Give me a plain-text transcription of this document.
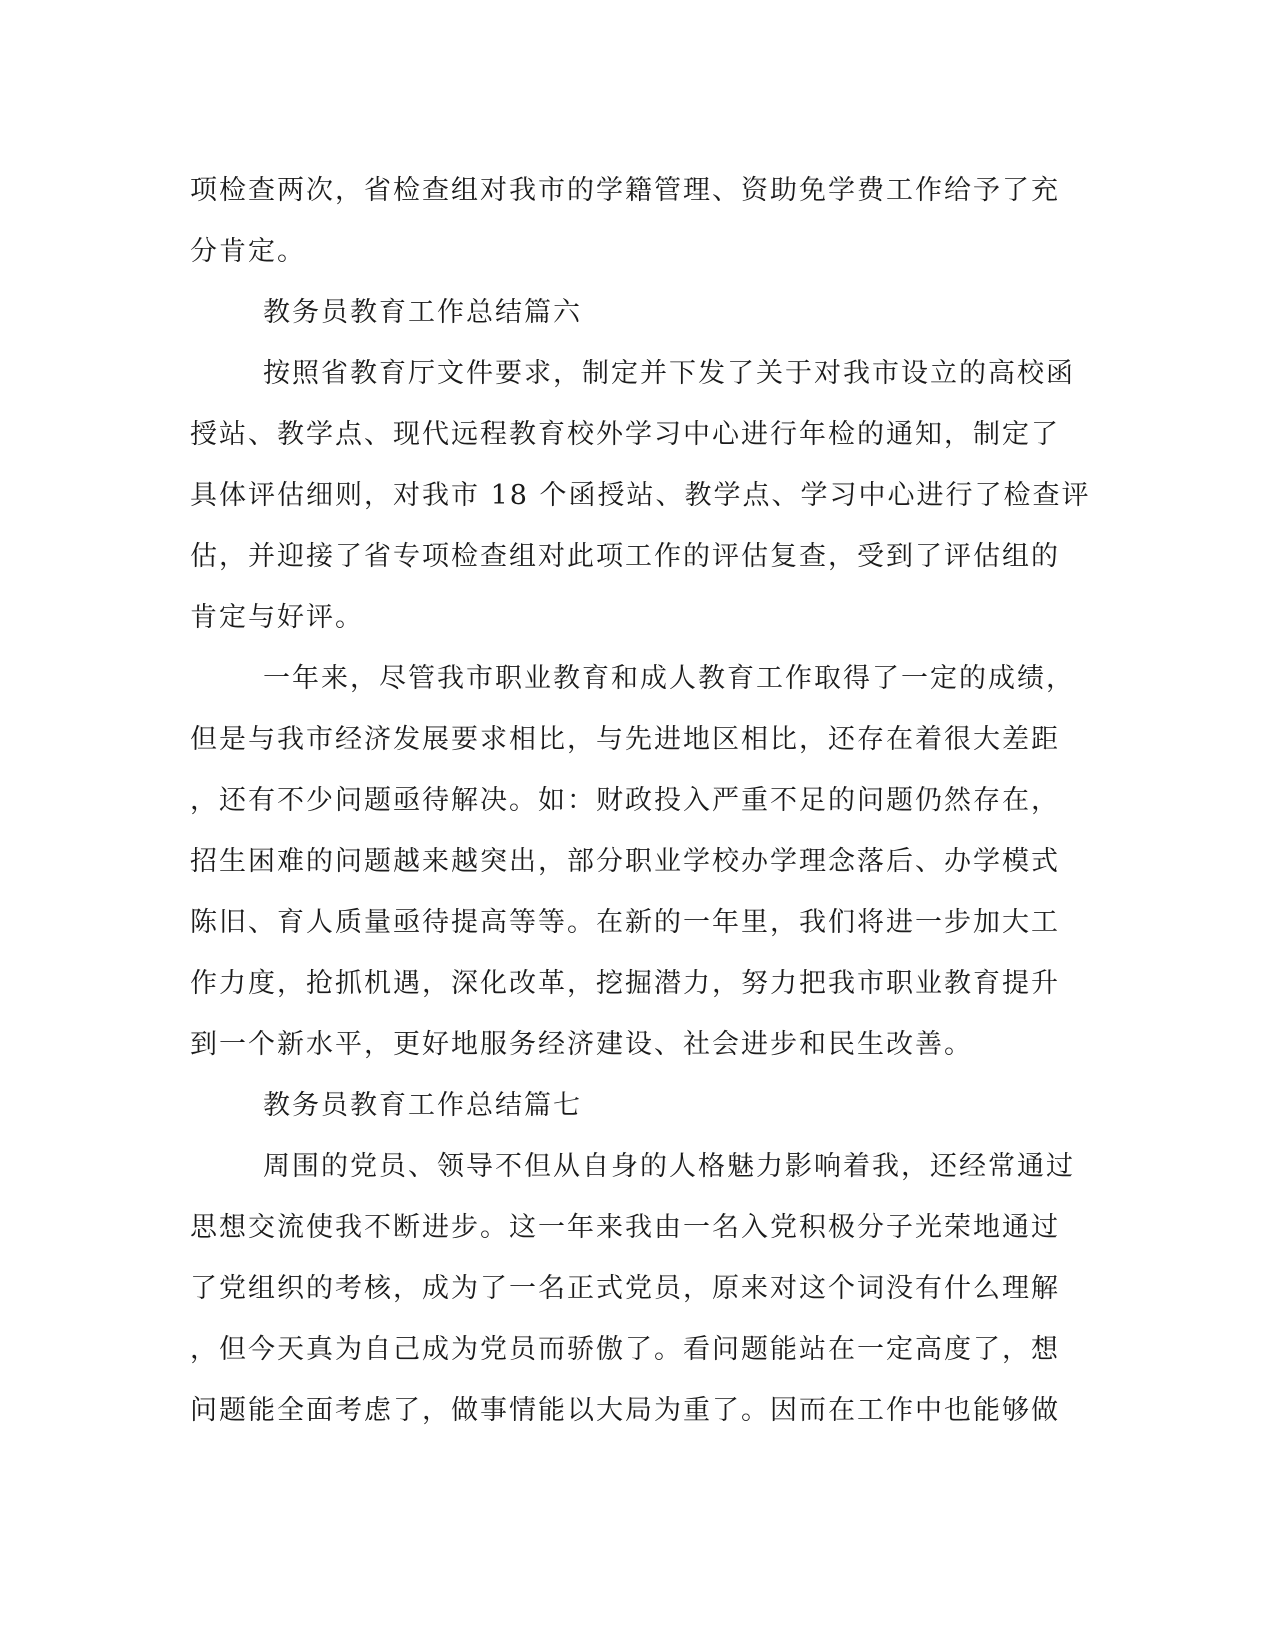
项检查两次，省检查组对我市的学籍管理、资助免学费工作给予了充
分肯定。

教务员教育工作总结篇六

按照省教育厅文件要求，制定并下发了关于对我市设立的高校函
授站、教学点、现代远程教育校外学习中心进行年检的通知，制定了
具体评估细则，对我市 18 个函授站、教学点、学习中心进行了检查评
估，并迎接了省专项检查组对此项工作的评估复查，受到了评估组的
肯定与好评。

一年来，尽管我市职业教育和成人教育工作取得了一定的成绩，
但是与我市经济发展要求相比，与先进地区相比，还存在着很大差距
，还有不少问题亟待解决。如：财政投入严重不足的问题仍然存在，
招生困难的问题越来越突出，部分职业学校办学理念落后、办学模式
陈旧、育人质量亟待提高等等。在新的一年里，我们将进一步加大工
作力度，抢抓机遇，深化改革，挖掘潜力，努力把我市职业教育提升
到一个新水平，更好地服务经济建设、社会进步和民生改善。

教务员教育工作总结篇七

周围的党员、领导不但从自身的人格魅力影响着我，还经常通过
思想交流使我不断进步。这一年来我由一名入党积极分子光荣地通过
了党组织的考核，成为了一名正式党员，原来对这个词没有什么理解
，但今天真为自己成为党员而骄傲了。看问题能站在一定高度了，想
问题能全面考虑了，做事情能以大局为重了。因而在工作中也能够做
